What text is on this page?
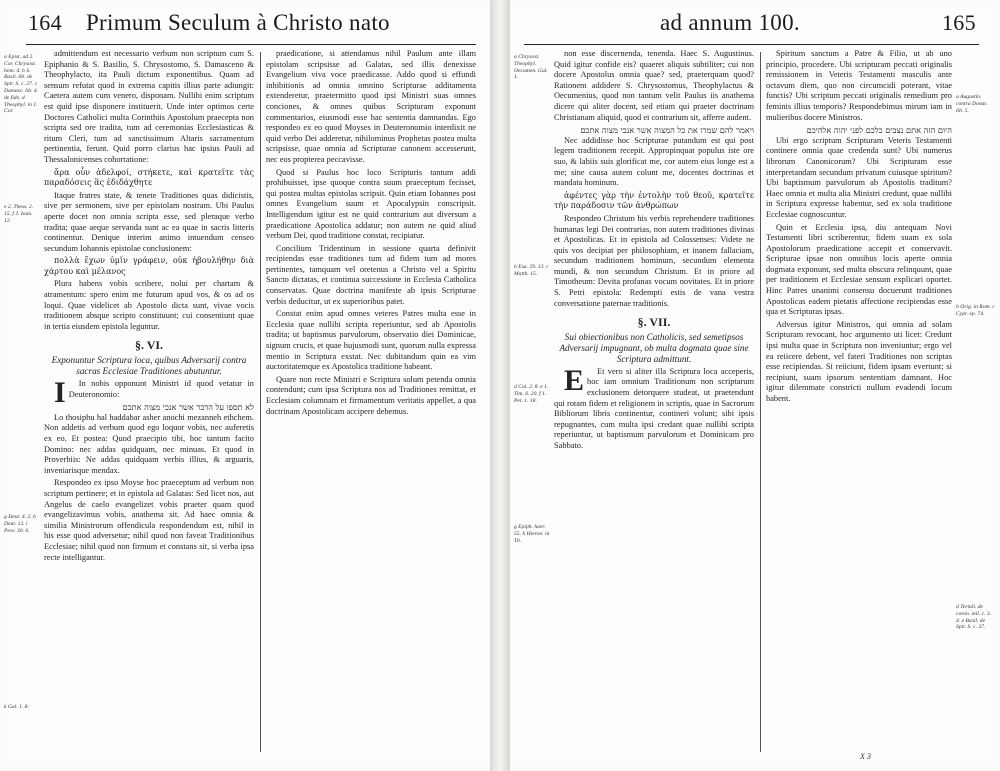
164 Primum Seculum à Christo nato
a Epist. ad 2. Cor. Chrysost. hom. 4. b S. Basil. lib. de Spir. S. c. 27. c Damasc. lib. 4. de fide. d Theophyl. in 1. Cor.
e 2. Thess. 2. 15. f 2. Ioan. 12.
g Deut. 4. 2. h Deut. 12. i Prov. 30. 6.
k Gal. 1. 8.

admittendum est necessario verbum non scriptum cum S. Epiphanio & S. Basilio, S. Chrysostomo, S. Damasceno & Theophylacto, ita Pauli dictum exponentibus. Quam ad sensum refutat quod in extrema capitis illius parte adiungit: Caetera autem cum venero, disponam. Nullibi enim scriptum est quid ipse disponere instituerit. Unde inter optimos certe Doctores Catholici multa Corinthiis Apostolum praecepta non scripta sed ore tradita, tum ad ceremonias Ecclesiasticas & ritum Cleri, tum ad sanctissimum Altaris sacramentum pertinentia, ferunt. Quid porro clarius hac ipsius Pauli ad Thessalonicenses cohortatione:

ἄρα οὖν ἀδελφοί, στήκετε, καὶ κρατεῖτε τὰς παραδόσεις ἃς ἐδιδάχθητε

Itaque fratres state, & tenete Traditiones quas didicistis, sive per sermonem, sive per epistolam nostram. Ubi Paulus aperte docet non omnia scripta esse, sed pleraque verbo tradita; quae aeque servanda sunt ac ea quae in sacris litteris continentur. Denique interim animo intuendum censeo secundum Iohannis epistolae conclusionem:

πολλὰ ἔχων ὑμῖν γράφειν, οὐκ ἠβουλήθην διὰ χάρτου καὶ μέλανος

Plura habens vobis scribere, nolui per chartam & atramentum: spero enim me futurum apud vos, & os ad os loqui. Quae videlicet ab Apostolo dicta sunt, vivae vocis traditionem absque scripto constituunt; cui consentiunt quae in tertia eiusdem epistola leguntur.

§. VI.

Exponuntur Scriptura loca, quibus Adversarij contra sacras Ecclesiae Traditiones abutuntur.

I In nobis opponunt Ministri id quod vetatur in Deuteronomio:

לא תספו על הדבר אשר אנכי מצוה אתכם

Lo thosiphu hal haddabar asher anochi mezanneh ethchem. Non addetis ad verbum quod ego loquor vobis, nec auferetis ex eo. Et postea: Quod praecipio tibi, hoc tantum facito Domino: nec addas quidquam, nec minuas. Et quod in Proverbiis: Ne addas quidquam verbis illius, & arguaris, inveniarisque mendax.

Respondeo ex ipso Moyse hoc praeceptum ad verbum non scriptum pertinere; et in epistola ad Galatas: Sed licet nos, aut Angelus de caelo evangelizet vobis praeter quam quod evangelizavimus vobis, anathema sit. Ad haec omnia & similia Ministrorum offendicula respondendum est, nihil in his esse quod adversetur; nihil quod non faveat Traditionibus Ecclesiae; nihil quod non firmum et constans sit, si verba ipsa recte intelligantur.

praedicatione, si attendamus nihil Paulum ante illam epistolam scripsisse ad Galatas, sed illis denexisse Evangelium viva voce praedicasse. Addo quod si effundi inhibitionis ad omnia omnino Scripturae additamenta extenderetur, praetermitto quod ipsi Ministri suas omnes conciones, & omnes quibus Scripturam exponunt commentarios, eiusmodi esse hac sententia damnandas. Ego respondeo ex eo quod Moyses in Deuteronomio interdixit ne quid verbo Dei adderetur, nihilominus Prophetas postea multa scripsisse, quae omnia ad Scripturae canonem accesserunt, nec eos propterea peccavisse.

Quod si Paulus hoc loco Scripturis tantum addi prohibuisset, ipse quoque contra suum praeceptum fecisset, qui postea multas epistolas scripsit. Quin etiam Iohannes post omnes Evangelium suum et Apocalypsin conscripsit. Intelligendum igitur est ne quid contrarium aut diversum a praedicatione Apostolica addatur; non autem ne quid aliud verbum Dei, quod traditione constat, recipiatur.

Concilium Tridentinum in sessione quarta definivit recipiendas esse traditiones tum ad fidem tum ad mores pertinentes, tamquam vel oretenus a Christo vel a Spiritu Sancto dictatas, et continua successione in Ecclesia Catholica conservatas. Quae doctrina manifeste ab ipsis Scripturae verbis deducitur, ut ex superioribus patet.

Constat enim apud omnes veteres Patres multa esse in Ecclesia quae nullibi scripta reperiuntur, sed ab Apostolis tradita; ut baptismus parvulorum, observatio diei Dominicae, signum crucis, et quae hujusmodi sunt, quorum nulla expressa mentio in Scriptura exstat. Nec dubitandum quin ea vim auctoritatemque ex Apostolica traditione habeant.

Quare non recte Ministri e Scriptura solum petenda omnia contendunt; cum ipsa Scriptura nos ad Traditiones remittat, et Ecclesiam columnam et firmamentum veritatis appellet, a qua doctrinam Apostolicam accipere debemus.

ad annum 100.	165
a Chrysost. Theophyl. Oecumen. Gal. 1.
b Esa. 29. 13. c Matth. 15.
d Col. 2. 8. e 1. Tim. 6. 20. f 1. Pet. 1. 18.
g Epiph. haer. 55. h Hieron. in Tit.

non esse discernenda, tenenda. Haec S. Augustinus. Quid igitur confide eis? quaeret aliquis subtiliter; cui non docere Apostolus omnia quae? sed, praeterquam quod? Rationem addidere S. Chrysostomus, Theophylactus & Oecumenius, quod non tantum velit Paulus iis anathema dicere qui aliter docent, sed etiam qui praeter doctrinam Christianam aliquid, quod ei contrarium sit, afferre audent.

ויאמר להם שמרו את כל המצוה אשר אנכי מצוה אתכם

Nec addidisse hoc Scripturae putandum est qui post legem traditionem recepit. Appropinquat populus iste ore suo, & labiis suis glorificat me, cor autem eius longe est a me; sine causa autem colunt me, docentes doctrinas et mandata hominum.

ἀφέντες γὰρ τὴν ἐντολὴν τοῦ θεοῦ, κρατεῖτε τὴν παράδοσιν τῶν ἀνθρώπων

Respondeo Christum his verbis reprehendere traditiones humanas legi Dei contrarias, non autem traditiones divinas et Apostolicas. Et in epistola ad Colossenses: Videte ne quis vos decipiat per philosophiam, et inanem fallaciam, secundum traditionem hominum, secundum elementa mundi, & non secundum Christum. Et in priore ad Timotheum: Devita profanas vocum novitates. Et in priore S. Petri epistola: Redempti estis de vana vestra conversatione paternae traditionis.

§. VII.

Sui obiectionibus non Catholicis, sed semetipsos Adversarij impugnant, ob multa dogmata quae sine Scriptura admittunt.

E Et vero si aliter illa Scriptura loca acceperis, hoc iam omnium Traditionum non scriptarum exclusionem detorquere studeat, ut praetendunt qui rotam fidem et religionem in scriptis, quae in Sacrorum Bibliorum libris continentur, contineri volunt; sibi ipsis repugnantes, cum multa ipsi credant quae nullibi scripta reperiuntur, ut baptismum parvulorum et Dominicam pro Sabbato.

Spiritum sanctum a Patre & Filio, ut ab uno principio, procedere. Ubi scripturam peccati originalis remissionem in Veteris Testamenti masculis ante octavum diem, quo non circumcidi poterant, vitae functis? Ubi scriptum peccati originalis remedium pro feminis illius temporis? Respondebimus mirum iam in mulieribus docere Ministros.

היום הזה אתם נצבים כלכם לפני יהוה אלהיכם

Ubi ergo scriptum Scripturam Veteris Testamenti continere omnia quae credenda sunt? Ubi numerus librorum Canonicorum? Ubi Scripturam esse interpretandam secundum privatum cuiusque spiritum? Ubi baptismum parvulorum ab Apostolis traditum? Haec omnia et multa alia Ministri credunt, quae nullibi in Scriptura expresse habentur, sed ex sola traditione Ecclesiae cognoscuntur.

Quin et Ecclesia ipsa, diu antequam Novi Testamenti libri scriberentur, fidem suam ex sola Apostolorum praedicatione accepit et conservavit. Scripturae ipsae non omnibus locis aperte omnia dogmata exponunt, sed multa obscura relinquunt, quae per traditionem et Ecclesiae sensum explicari oportet. Hinc Patres unanimi consensu docuerunt traditiones Apostolicas eadem pietatis affectione recipiendas esse qua et Scripturas ipsas.

Adversus igitur Ministros, qui omnia ad solam Scripturam revocant, hoc argumento uti licet: Credunt ipsi multa quae in Scriptura non inveniuntur; ergo vel ea reiicere debent, vel fateri Traditiones non scriptas esse recipiendas. Si reiiciunt, fidem ipsam evertunt; si recipiunt, suam ipsorum sententiam damnant. Hoc igitur dilemmate constricti nullum evadendi locum habent.

a Augustin. contra Donat. lib. 5.
b Orig. in Rom. c Cypr. ep. 74.
d Tertull. de coron. mil. c. 3. 4. e Basil. de Spir. S. c. 27.
X 3
